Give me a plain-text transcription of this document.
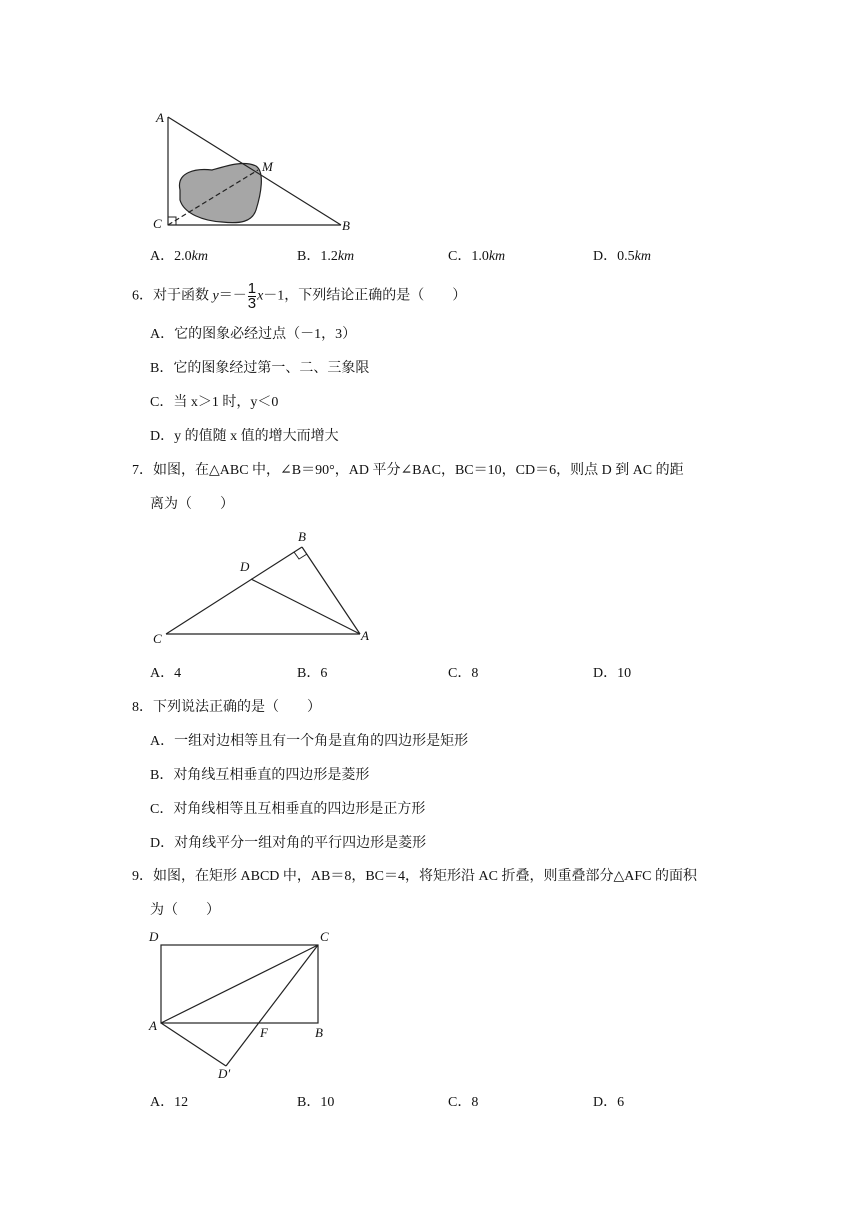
A
M
C	B
A．2.0km	B．1.2km	C．1.0km	D．0.5km
6．对于函数 $y=- \frac{1}{3} x-1$，下列结论正确的是（　　）
A．它的图象必经过点（－1，3）
B．它的图象经过第一、二、三象限
C．当 x＞1 时，y＜0
D．y 的值随 x 值的增大而增大
7．如图，在△ABC 中，∠B＝90°，AD 平分∠BAC，BC＝10，CD＝6，则点 D 到 AC 的距
离为（　　）
B
D
C	A
A．4	B．6	C．8	D．10
8．下列说法正确的是（　　）
A．一组对边相等且有一个角是直角的四边形是矩形
B．对角线互相垂直的四边形是菱形
C．对角线相等且互相垂直的四边形是正方形
D．对角线平分一组对角的平行四边形是菱形
9．如图，在矩形 ABCD 中，AB＝8，BC＝4，将矩形沿 AC 折叠，则重叠部分△AFC 的面积
为（　　）
D	C
A	F	B
D′
A．12	B．10	C．8	D．6
